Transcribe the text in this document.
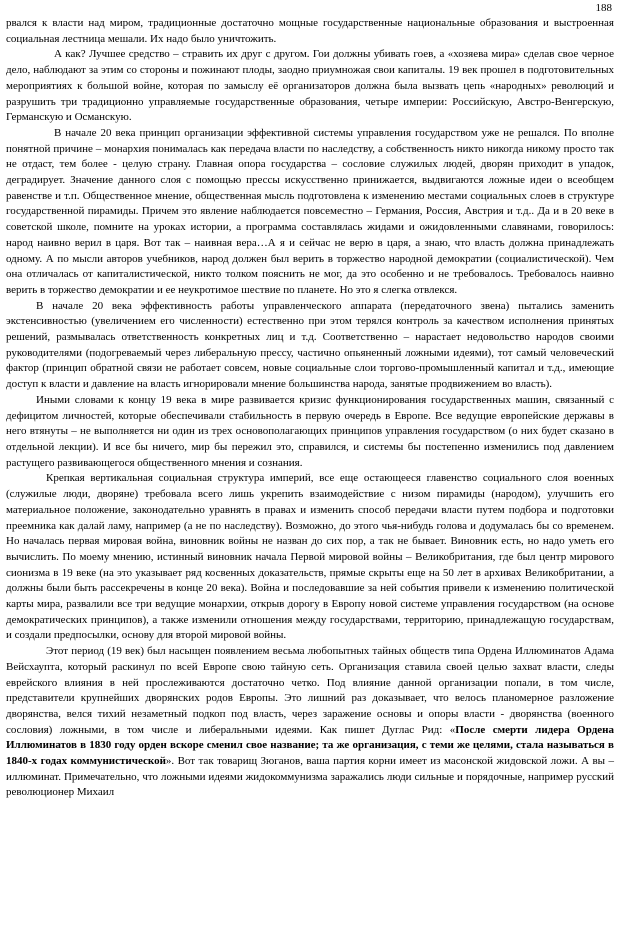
188

рвался к власти над миром, традиционные достаточно мощные государственные национальные образования и выстроенная социальная лестница мешали. Их надо было уничтожить.

А как? Лучшее средство – стравить их друг с другом. Гои должны убивать гоев, а «хозяева мира» сделав свое черное дело, наблюдают за этим со стороны и пожинают плоды, заодно приумножая свои капиталы. 19 век прошел в подготовительных мероприятиях к большой войне, которая по замыслу её организаторов должна была вызвать цепь «народных» революций и разрушить три традиционно управляемые государственные образования, четыре империи: Российскую, Австро-Венгерскую, Германскую и Османскую.

В начале 20 века принцип организации эффективной системы управления государством уже не решался. По вполне понятной причине – монархия понималась как передача власти по наследству, а собственность никто никогда никому просто так не отдаст, тем более - целую страну. Главная опора государства – сословие служилых людей, дворян приходит в упадок, деградирует. Значение данного слоя с помощью прессы искусственно принижается, выдвигаются ложные идеи о всеобщем равенстве и т.п. Общественное мнение, общественная мысль подготовлена к изменению местами социальных слоев в структуре государственной пирамиды. Причем это явление наблюдается повсеместно – Германия, Россия, Австрия и т.д.. Да и в 20 веке в советской школе, помните на уроках истории, а программа составлялась жидами и ожидовленными славянами, говорилось: народ наивно верил в царя. Вот так – наивная вера…А я и сейчас не верю в царя, а знаю, что власть должна принадлежать одному. А по мысли авторов учебников, народ должен был верить в торжество народной демократии (социалистической). Чем она отличалась от капиталистической, никто толком пояснить не мог, да это особенно и не требовалось. Требовалось наивно верить в торжество демократии и ее неукротимое шествие по планете. Но это я слегка отвлекся.

В начале 20 века эффективность работы управленческого аппарата (передаточного звена) пытались заменить экстенсивностью (увеличением его численности) естественно при этом терялся контроль за качеством исполнения принятых решений, размывалась ответственность конкретных лиц и т.д. Соответственно – нарастает недовольство народов своими руководителями (подогреваемый через либеральную прессу, частично опьяненный ложными идеями), тот самый человеческий фактор (принцип обратной связи не работает совсем, новые социальные слои торгово-промышленный капитал и т.д., имеющие доступ к власти и давление на власть игнорировали мнение большинства народа, занятые продвижением во власть).

Иными словами к концу 19 века в мире развивается кризис функционирования государственных машин, связанный с дефицитом личностей, которые обеспечивали стабильность в первую очередь в Европе. Все ведущие европейские державы в него втянуты – не выполняется ни один из трех основополагающих принципов управления государством (о них будет сказано в отдельной лекции). И все бы ничего, мир бы пережил это, справился, и системы бы постепенно изменились под давлением растущего развивающегося общественного мнения и сознания.

Крепкая вертикальная социальная структура империй, все еще остающееся главенство социального слоя военных (служилые люди, дворяне) требовала всего лишь укрепить взаимодействие с низом пирамиды (народом), улучшить его материальное положение, законодательно уравнять в правах и изменить способ передачи власти путем подбора и подготовки преемника как далай ламу, например (а не по наследству). Возможно, до этого чья-нибудь голова и додумалась бы со временем. Но началась первая мировая война, виновник войны не назван до сих пор, а так не бывает. Виновник есть, но надо уметь его вычислить. По моему мнению, истинный виновник начала Первой мировой войны – Великобритания, где был центр мирового сионизма в 19 веке (на это указывает ряд косвенных доказательств, прямые скрыты еще на 50 лет в архивах Великобритании, а должны были быть рассекречены в конце 20 века). Война и последовавшие за ней события привели к изменению политической карты мира, развалили все три ведущие монархии, открыв дорогу в Европу новой системе управления государством (на основе демократических принципов), а также изменили отношения между государствами, территорию, принадлежащую государствам, и создали предпосылки, основу для второй мировой войны.

Этот период (19 век) был насыщен появлением весьма любопытных тайных обществ типа Ордена Иллюминатов Адама Вейсхаупта, который раскинул по всей Европе свою тайную сеть. Организация ставила своей целью захват власти, следы еврейского влияния в ней прослеживаются достаточно четко. Под влияние данной организации попали, в том числе, представители крупнейших дворянских родов Европы. Это лишний раз доказывает, что велось планомерное разложение дворянства, велся тихий незаметный подкоп под власть, через заражение основы и опоры власти - дворянства (военного сословия) ложными, в том числе и либеральными идеями. Как пишет Дуглас Рид: «После смерти лидера Ордена Иллюминатов в 1830 году орден вскоре сменил свое название; та же организация, с теми же целями, стала называться в 1840-х годах коммунистической». Вот так товарищ Зюганов, ваша партия корни имеет из масонской жидовской ложи. А вы – иллюминат. Примечательно, что ложными идеями жидокоммунизма заражались люди сильные и порядочные, например русский революционер Михаил
